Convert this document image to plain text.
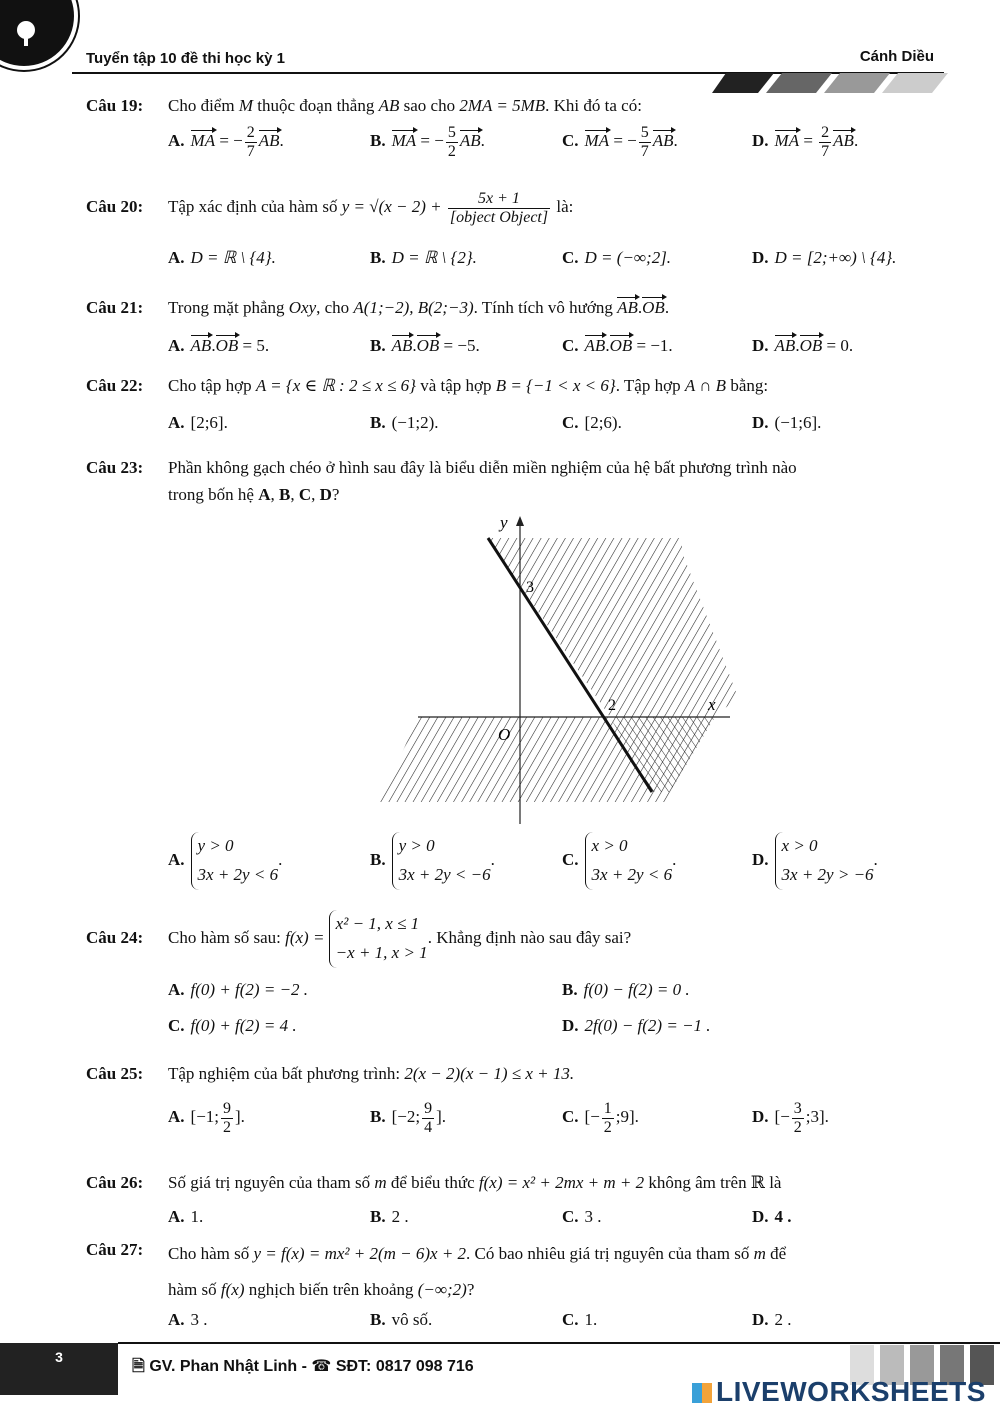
Tuyển tập 10 đề thi học kỳ 1	Cánh Diều
Câu 19: Cho điểm M thuộc đoạn thẳng AB sao cho 2MA = 5MB. Khi đó ta có:
A. MA = − $\frac{2}{7}$ AB.	B. MA = − $\frac{5}{2}$ AB.	C. MA = − $\frac{5}{7}$ AB.	D. MA = $\frac{2}{7}$ AB.
Câu 20: Tập xác định của hàm số $y = √(x - 2) + \frac{5x + 1}{\text{[object Object]}}$ là:
A. D = ℝ \ {4}.	B. D = ℝ \ {2}.	C. D = (−∞;2].	D. D = [2;+∞) \ {4}.
Câu 21: Trong mặt phẳng Oxy, cho A(1;−2), B(2;−3). Tính tích vô hướng AB.OB.
A. AB.OB = 5.	B. AB.OB = −5.	C. AB.OB = −1.	D. AB.OB = 0.
Câu 22: Cho tập hợp A = {x ∈ ℝ : 2 ≤ x ≤ 6} và tập hợp B = {−1 < x < 6}. Tập hợp A ∩ B bằng:
A. [2;6].	B. (−1;2).	C. [2;6).	D. (−1;6].
Câu 23:	Phần không gạch chéo ở hình sau đây là biểu diễn miền nghiệm của hệ bất phương trình nào
trong bốn hệ A, B, C, D?
y
x
O
3
2
A.y > 0
3x + 2y < 6.	B.y > 0
3x + 2y < −6.	C.x > 0
3x + 2y < 6.	D.x > 0
3x + 2y > −6.
Câu 24: Cho hàm số sau: f(x) = x² − 1, x ≤ 1
−x + 1, x > 1. Khẳng định nào sau đây sai?
A. f(0) + f(2) = −2 .	B. f(0) − f(2) = 0 .
C. f(0) + f(2) = 4 .	D. 2f(0) − f(2) = −1 .
Câu 25: Tập nghiệm của bất phương trình: 2(x − 2)(x − 1) ≤ x + 13.
A. [−1; $\frac{9}{2}$ ].	B. [−2; $\frac{9}{4}$ ].	C. [− $\frac{1}{2}$ ;9].	D. [− $\frac{3}{2}$ ;3].
Câu 26: Số giá trị nguyên của tham số m để biểu thức f(x) = x² + 2mx + m + 2 không âm trên ℝ là
A. 1.	B. 2 .	C. 3 .	D. 4 .
Câu 27:	Cho hàm số y = f(x) = mx² + 2(m − 6)x + 2. Có bao nhiêu giá trị nguyên của tham số m để
hàm số f(x) nghịch biến trên khoảng (−∞;2)?
A. 3 .	B. vô số.	C. 1.	D. 2 .
3
🗎 GV. Phan Nhật Linh - ☎ SĐT: 0817 098 716
LIVEWORKSHEETS
